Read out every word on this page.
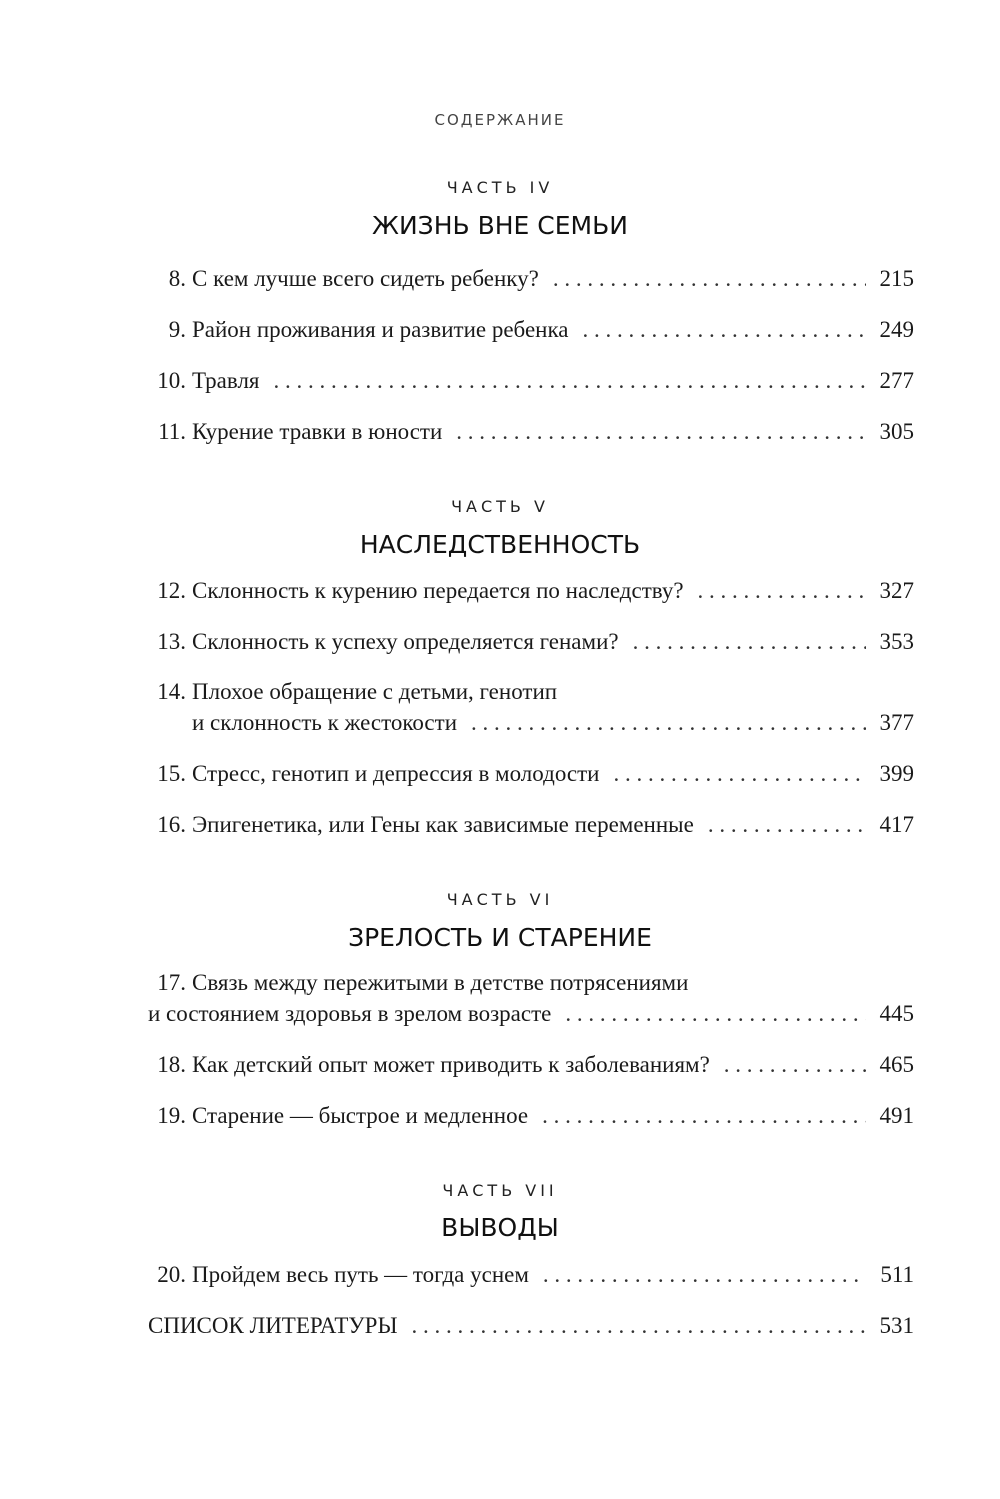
СОДЕРЖАНИЕ
ЧАСТЬ IV
ЖИЗНЬ ВНЕ СЕМЬИ
8. С кем лучше всего сидеть ребенку? . . .	215
9. Район проживания и развитие ребенка . . .	249
10. Травля . . .	277
11. Курение травки в юности . . .	305
ЧАСТЬ V
НАСЛЕДСТВЕННОСТЬ
12. Склонность к курению передается по наследству? . . .	327
13. Склонность к успеху определяется генами? . . .	353
14. Плохое обращение с детьми, генотип
и склонность к жестокости . . .	377
15. Стресс, генотип и депрессия в молодости . . .	399
16. Эпигенетика, или Гены как зависимые переменные . . .	417
ЧАСТЬ VI
ЗРЕЛОСТЬ И СТАРЕНИЕ
17. Связь между пережитыми в детстве потрясениями
и состоянием здоровья в зрелом возрасте . . .	445
18. Как детский опыт может приводить к заболеваниям? . . .	465
19. Старение — быстрое и медленное . . .	491
ЧАСТЬ VII
ВЫВОДЫ
20. Пройдем весь путь — тогда уснем . . .	511
СПИСОК ЛИТЕРАТУРЫ . . .	531
